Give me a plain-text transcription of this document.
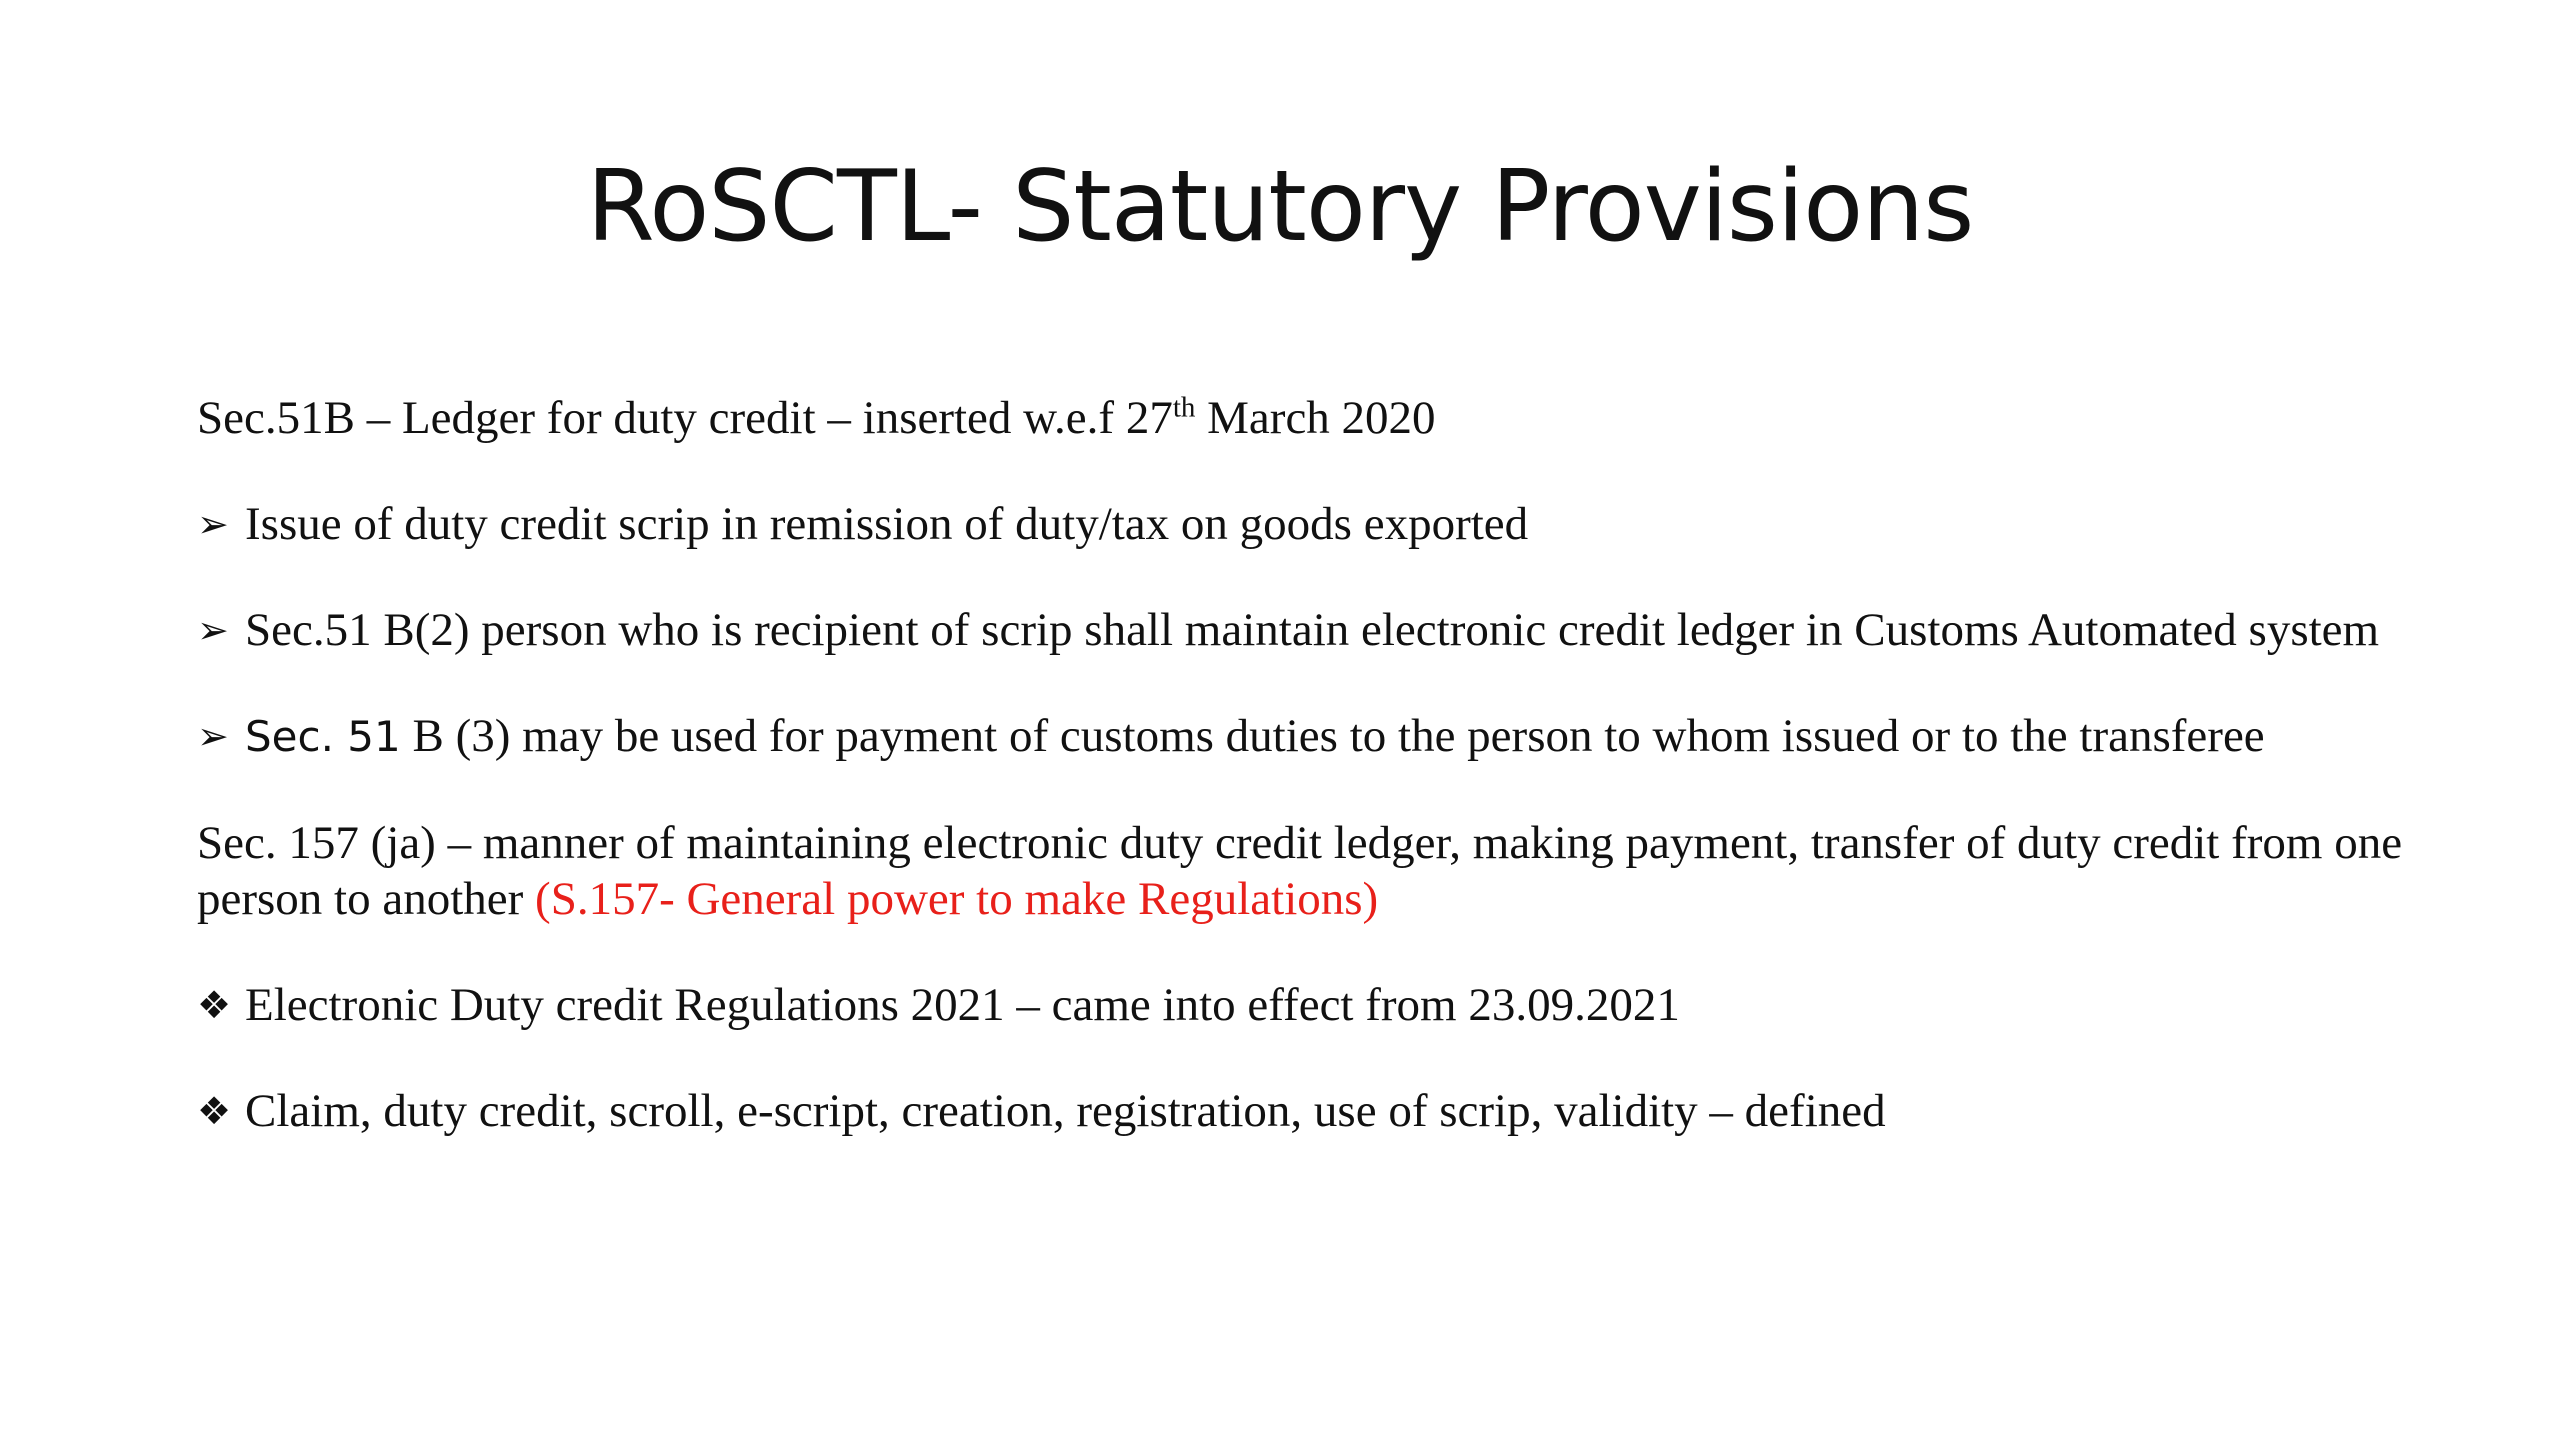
RoSCTL- Statutory Provisions
Sec.51B – Ledger for duty credit – inserted w.e.f 27th March 2020
➢ Issue of duty credit scrip in remission of duty/tax on goods exported
➢ Sec.51 B(2) person who is recipient of scrip shall maintain electronic credit ledger in Customs Automated system
➢ Sec. 51 B (3) may be used for payment of customs duties to the person to whom issued or to the transferee
Sec. 157 (ja) – manner of maintaining electronic duty credit ledger, making payment, transfer of duty credit from one person to another (S.157- General power to make Regulations)
❖ Electronic Duty credit Regulations 2021 – came into effect from 23.09.2021
❖ Claim, duty credit, scroll, e-script, creation, registration, use of scrip, validity – defined
